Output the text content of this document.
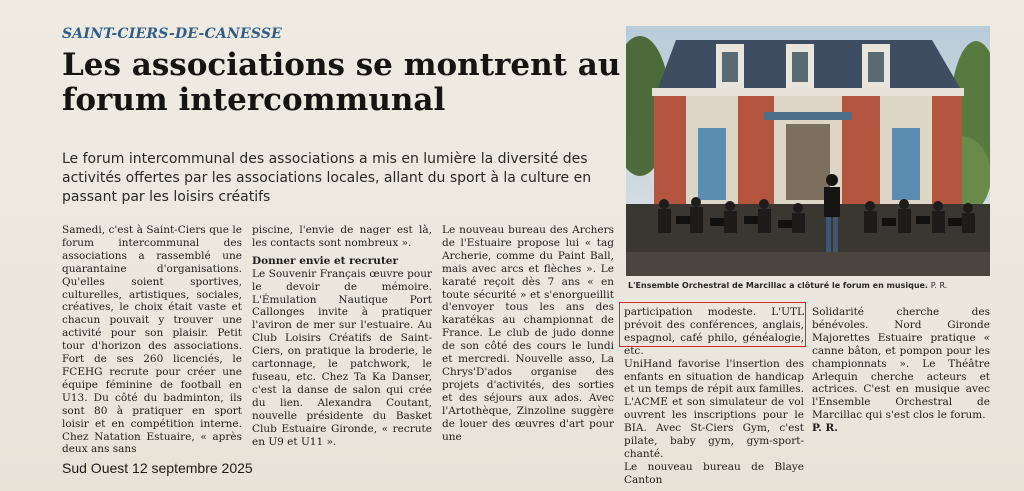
SAINT-CIERS-DE-CANESSE
Les associations se montrent au forum intercommunal

Le forum intercommunal des associations a mis en lumière la diversité des activités offertes par les associations locales, allant du sport à la culture en passant par les loisirs créatifs

Samedi, c'est à Saint-Ciers que le forum intercommunal des associations a rassemblé une quarantaine d'organisations. Qu'elles soient sportives, culturelles, artistiques, sociales, créatives, le choix était vaste et chacun pouvait y trouver une activité pour son plaisir. Petit tour d'horizon des associations. Fort de ses 260 licenciés, le FCEHG recrute pour créer une équipe féminine de football en U13. Du côté du badminton, ils sont 80 à pratiquer en sport loisir et en compétition interne. Chez Natation Estuaire, « après deux ans sans

piscine, l'envie de nager est là, les contacts sont nombreux ».

Donner envie et recruter

Le Souvenir Français œuvre pour le devoir de mémoire. L'Émulation Nautique Port Callonges invite à pratiquer l'aviron de mer sur l'estuaire. Au Club Loisirs Créatifs de Saint-Ciers, on pratique la broderie, le cartonnage, le patchwork, le fuseau, etc. Chez Ta Ka Danser, c'est la danse de salon qui crée du lien. Alexandra Coutant, nouvelle présidente du Basket Club Estuaire Gironde, « recrute en U9 et U11 ».

Le nouveau bureau des Archers de l'Estuaire propose lui « tag Archerie, comme du Paint Ball, mais avec arcs et flèches ». Le karaté reçoit dès 7 ans « en toute sécurité » et s'enorgueillit d'envoyer tous les ans des karatékas au championnat de France. Le club de judo donne de son côté des cours le lundi et mercredi. Nouvelle asso, La Chrys'D'ados organise des projets d'activités, des sorties et des séjours aux ados. Avec l'Artothèque, Zinzoline suggère de louer des œuvres d'art pour une

L'Ensemble Orchestral de Marcillac a clôturé le forum en musique. P. R.

participation modeste. L'UTL prévoit des conférences, anglais, espagnol, café philo, généalogie, etc.

UniHand favorise l'insertion des enfants en situation de handicap et un temps de répit aux familles. L'ACME et son simulateur de vol ouvrent les inscriptions pour le BIA. Avec St-Ciers Gym, c'est pilate, baby gym, gym-sport-chanté.

Le nouveau bureau de Blaye Canton

Solidarité cherche des bénévoles. Nord Gironde Majorettes Estuaire pratique « canne bâton, et pompon pour les championnats ». Le Théâtre Arlequin cherche acteurs et actrices. C'est en musique avec l'Ensemble Orchestral de Marcillac qui s'est clos le forum.

P. R.

Sud Ouest 12 septembre 2025
